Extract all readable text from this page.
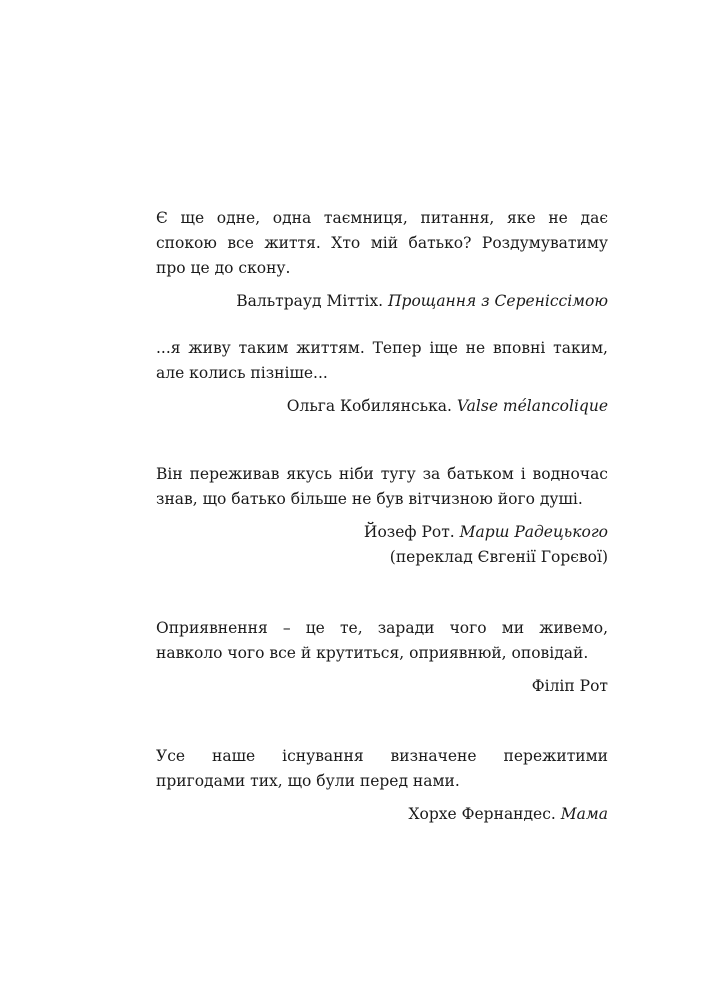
Є ще одне, одна таємниця, питання, яке не дає спокою все життя. Хто мій батько? Роздумуватиму про це до скону.

Вальтрауд Міттіх. Прощання з Сереніссімою

...я живу таким життям. Тепер іще не вповні таким, але колись пізніше...

Ольга Кобилянська. Valse mélancolique

Він переживав якусь ніби тугу за батьком і водночас знав, що батько більше не був вітчизною його душі.

Йозеф Рот. Марш Радецького

(переклад Євгенії Горєвої)

Оприявнення – це те, заради чого ми живемо, навколо чого все й крутиться, оприявнюй, оповідай.

Філіп Рот

Усе наше існування визначене пережитими пригодами тих, що були перед нами.

Хорхе Фернандес. Мама
